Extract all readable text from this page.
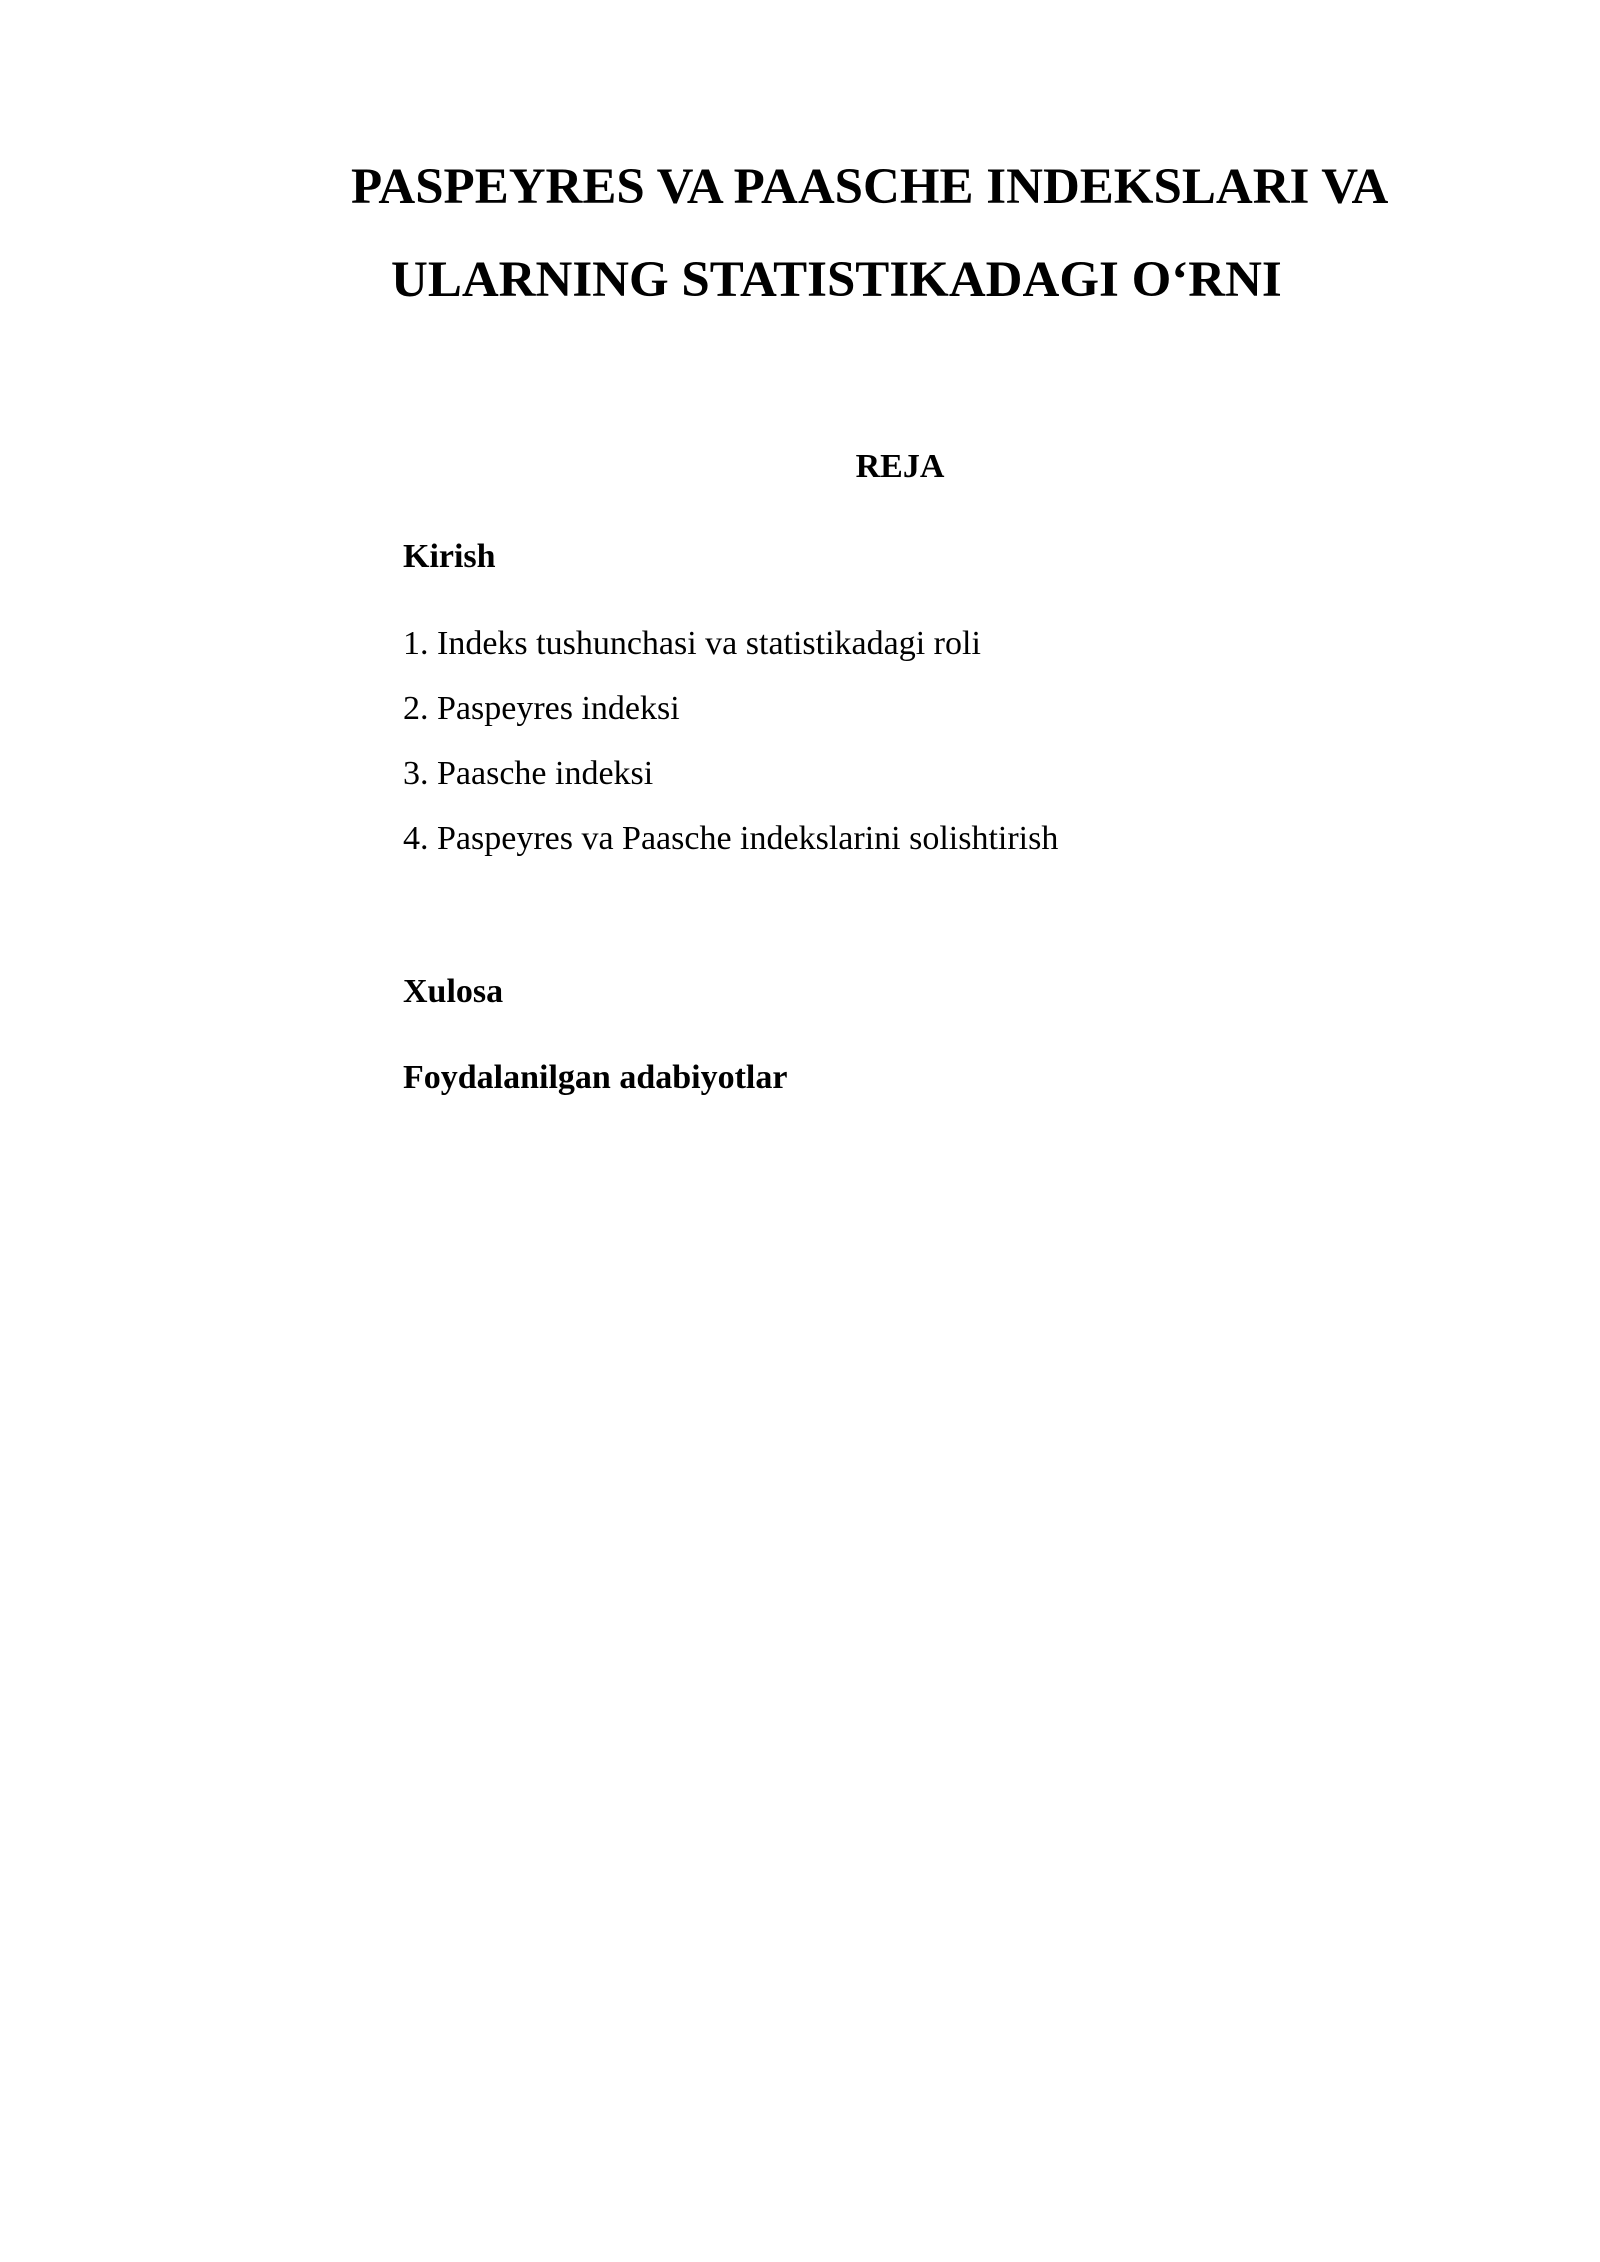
PASPEYRES VA PAASCHE INDEKSLARI VA
ULARNING STATISTIKADAGI O‘RNI
REJA
Kirish
1. Indeks tushunchasi va statistikadagi roli
2. Paspeyres indeksi
3. Paasche indeksi
4. Paspeyres va Paasche indekslarini solishtirish
Xulosa
Foydalanilgan adabiyotlar
